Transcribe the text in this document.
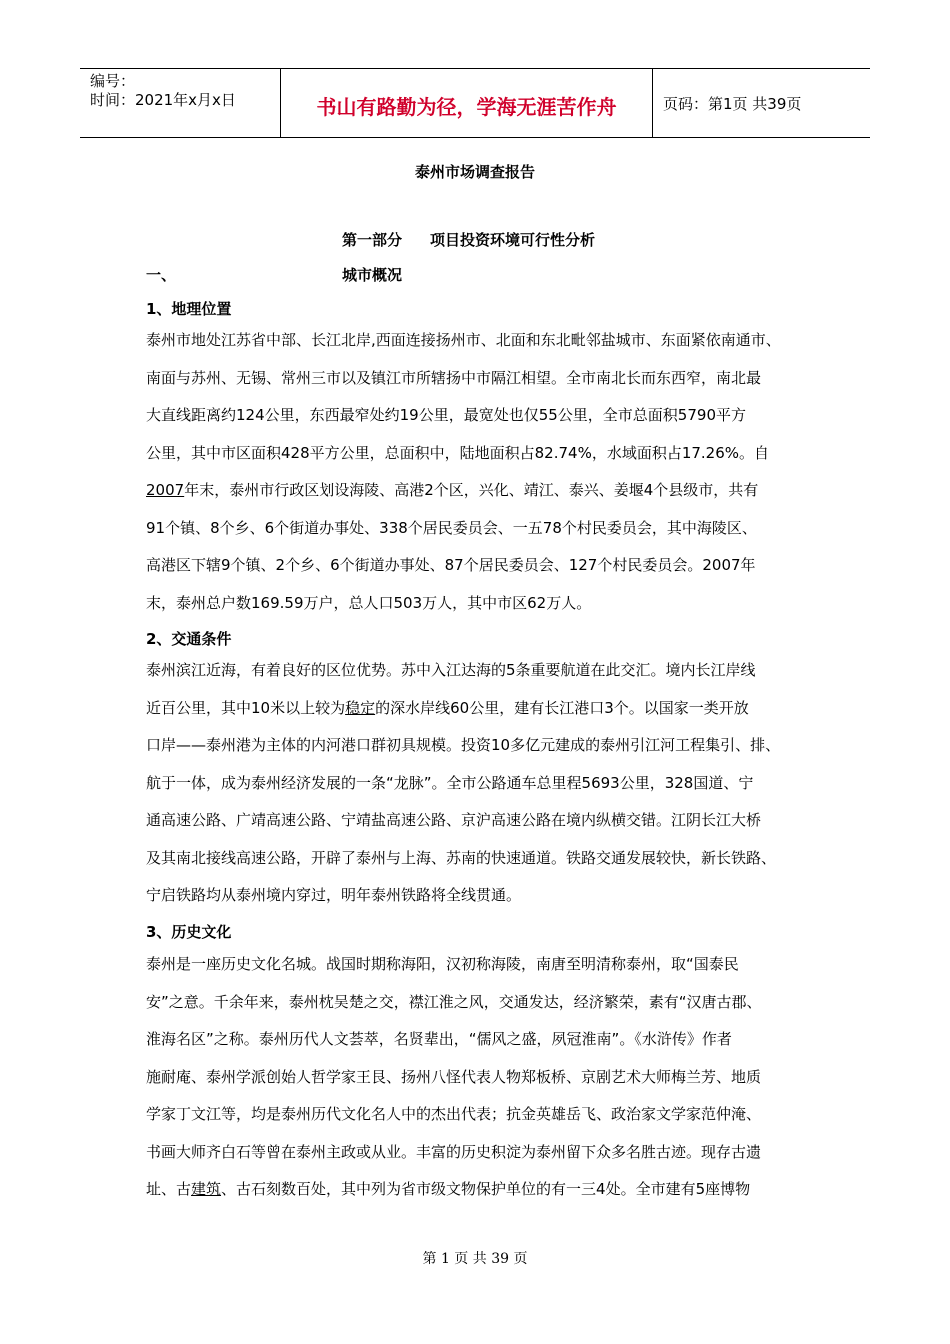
编号：
时间：2021年x月x日	书山有路勤为径，学海无涯苦作舟	页码：第1页 共39页
泰州市场调查报告
第一部分 项目投资环境可行性分析
一、	城市概况
1、地理位置
泰州市地处江苏省中部、长江北岸,西面连接扬州市、北面和东北毗邻盐城市、东面紧依南通市、
南面与苏州、无锡、常州三市以及镇江市所辖扬中市隔江相望。全市南北长而东西窄，南北最
大直线距离约124公里，东西最窄处约19公里，最宽处也仅55公里，全市总面积5790平方
公里，其中市区面积428平方公里，总面积中，陆地面积占82.74%，水域面积占17.26%。自
2007年末，泰州市行政区划设海陵、高港2个区，兴化、靖江、泰兴、姜堰4个县级市，共有
91个镇、8个乡、6个街道办事处、338个居民委员会、一五78个村民委员会，其中海陵区、
高港区下辖9个镇、2个乡、6个街道办事处、87个居民委员会、127个村民委员会。2007年
末，泰州总户数169.59万户，总人口503万人，其中市区62万人。
2、交通条件
泰州滨江近海，有着良好的区位优势。苏中入江达海的5条重要航道在此交汇。境内长江岸线
近百公里，其中10米以上较为稳定的深水岸线60公里，建有长江港口3个。以国家一类开放
口岸——泰州港为主体的内河港口群初具规模。投资10多亿元建成的泰州引江河工程集引、排、
航于一体，成为泰州经济发展的一条“龙脉”。全市公路通车总里程5693公里，328国道、宁
通高速公路、广靖高速公路、宁靖盐高速公路、京沪高速公路在境内纵横交错。江阴长江大桥
及其南北接线高速公路，开辟了泰州与上海、苏南的快速通道。铁路交通发展较快，新长铁路、
宁启铁路均从泰州境内穿过，明年泰州铁路将全线贯通。
3、历史文化
泰州是一座历史文化名城。战国时期称海阳，汉初称海陵，南唐至明清称泰州，取“国泰民
安”之意。千余年来，泰州枕吴楚之交，襟江淮之风，交通发达，经济繁荣，素有“汉唐古郡、
淮海名区”之称。泰州历代人文荟萃，名贤辈出，“儒风之盛，夙冠淮南”。《水浒传》作者
施耐庵、泰州学派创始人哲学家王艮、扬州八怪代表人物郑板桥、京剧艺术大师梅兰芳、地质
学家丁文江等，均是泰州历代文化名人中的杰出代表；抗金英雄岳飞、政治家文学家范仲淹、
书画大师齐白石等曾在泰州主政或从业。丰富的历史积淀为泰州留下众多名胜古迹。现存古遗
址、古建筑、古石刻数百处，其中列为省市级文物保护单位的有一三4处。全市建有5座博物
第 1 页 共 39 页
